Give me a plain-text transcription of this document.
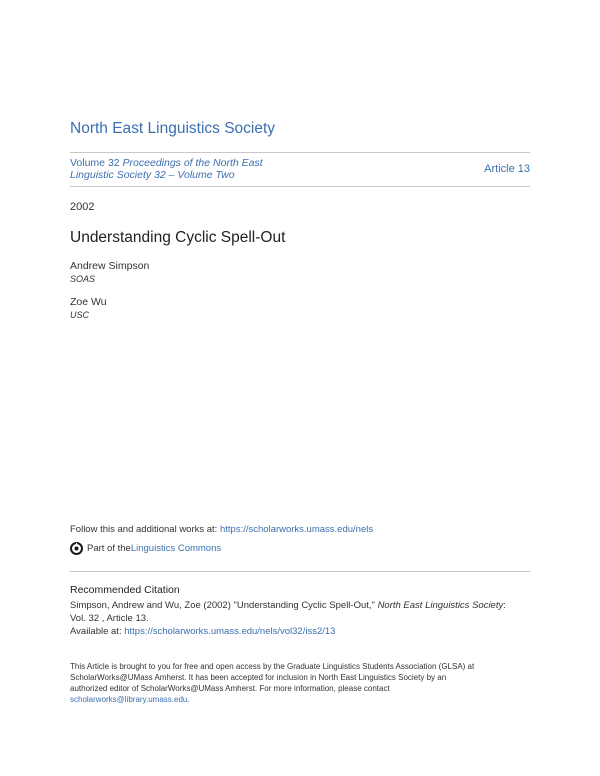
North East Linguistics Society
Volume 32 Proceedings of the North East
Linguistic Society 32 – Volume Two	Article 13
2002
Understanding Cyclic Spell-Out
Andrew Simpson
SOAS
Zoe Wu
USC
Follow this and additional works at: https://scholarworks.umass.edu/nels
Part of the Linguistics Commons
Recommended Citation
Simpson, Andrew and Wu, Zoe (2002) "Understanding Cyclic Spell-Out," North East Linguistics Society:
Vol. 32 , Article 13.
Available at: https://scholarworks.umass.edu/nels/vol32/iss2/13
This Article is brought to you for free and open access by the Graduate Linguistics Students Association (GLSA) at
ScholarWorks@UMass Amherst. It has been accepted for inclusion in North East Linguistics Society by an
authorized editor of ScholarWorks@UMass Amherst. For more information, please contact
scholarworks@library.umass.edu.
